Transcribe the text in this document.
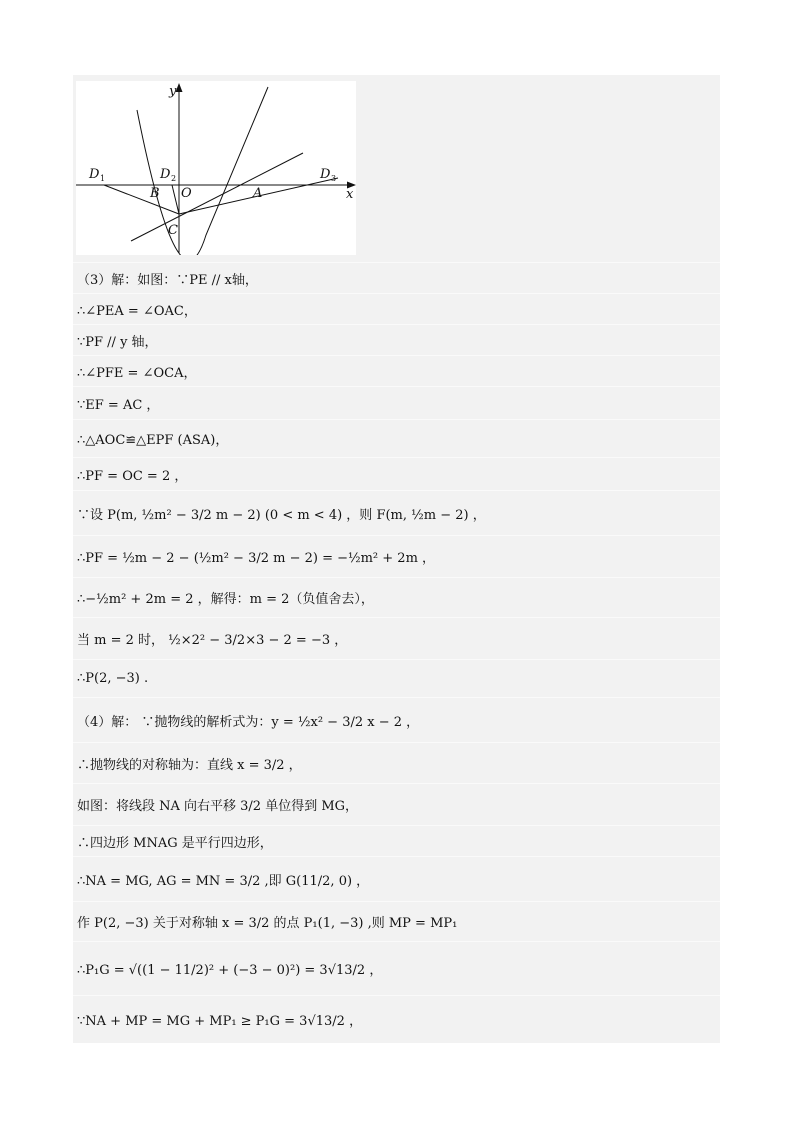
D 1	D 2	D 3
B O	A
C
x
y
（3）解：如图：∵PE // x轴，
∴∠PEA = ∠OAC，
∵PF // y 轴，
∴∠PFE = ∠OCA，
∵EF = AC ，
∴△AOC≌△EPF (ASA)，
∴PF = OC = 2 ，
∵设 P(m, ½m² − 3/2 m − 2) (0 < m < 4) ，则 F(m, ½m − 2) ，
∴PF = ½m − 2 − (½m² − 3/2 m − 2) = −½m² + 2m ，
∴−½m² + 2m = 2 ，解得：m = 2（负值舍去），
当 m = 2 时， ½×2² − 3/2×3 − 2 = −3 ，
∴P(2, −3) .
（4）解： ∵抛物线的解析式为：y = ½x² − 3/2 x − 2 ，
∴抛物线的对称轴为：直线 x = 3/2 ，
如图：将线段 NA 向右平移 3/2 单位得到 MG，
∴四边形 MNAG 是平行四边形，
∴NA = MG, AG = MN = 3/2 ,即 G(11/2, 0) ，
作 P(2, −3) 关于对称轴 x = 3/2 的点 P₁(1, −3) ,则 MP = MP₁
∴P₁G = √((1 − 11/2)² + (−3 − 0)²) = 3√13/2 ，
∵NA + MP = MG + MP₁ ≥ P₁G = 3√13/2 ，
